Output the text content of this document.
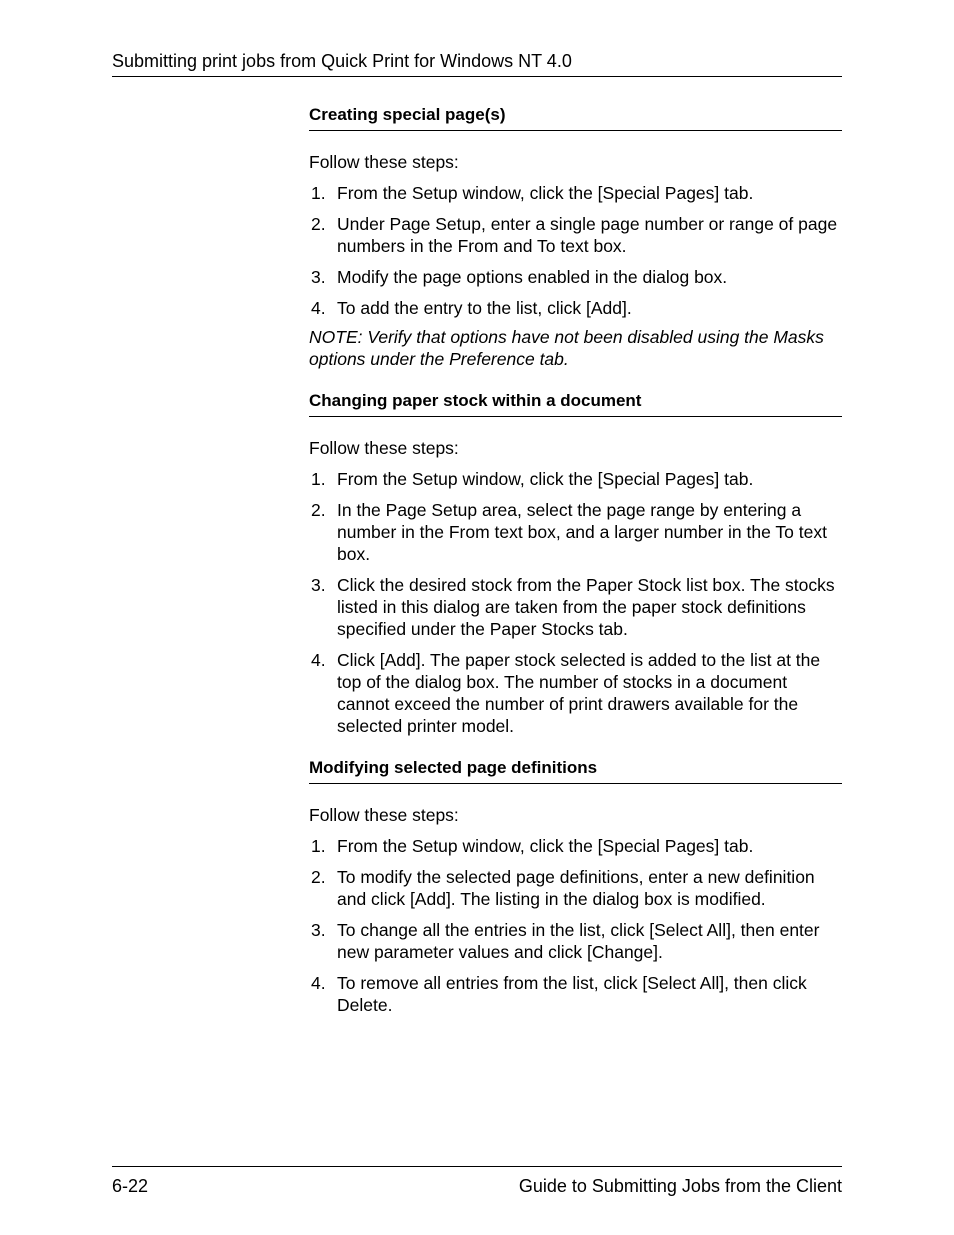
Submitting print jobs from Quick Print for Windows NT 4.0
Creating special page(s)

Follow these steps:

1. From the Setup window, click the [Special Pages] tab.
2. Under Page Setup, enter a single page number or range of page numbers in the From and To text box.
3. Modify the page options enabled in the dialog box.
4. To add the entry to the list, click [Add].

NOTE: Verify that options have not been disabled using the Masks options under the Preference tab.

Changing paper stock within a document

Follow these steps:

1. From the Setup window, click the [Special Pages] tab.
2. In the Page Setup area, select the page range by entering a number in the From text box, and a larger number in the To text box.
3. Click the desired stock from the Paper Stock list box. The stocks listed in this dialog are taken from the paper stock definitions specified under the Paper Stocks tab.
4. Click [Add]. The paper stock selected is added to the list at the top of the dialog box. The number of stocks in a document cannot exceed the number of print drawers available for the selected printer model.
Modifying selected page definitions

Follow these steps:

1. From the Setup window, click the [Special Pages] tab.
2. To modify the selected page definitions, enter a new definition and click [Add]. The listing in the dialog box is modified.
3. To change all the entries in the list, click [Select All], then enter new parameter values and click [Change].
4. To remove all entries from the list, click [Select All], then click Delete.
6-22	Guide to Submitting Jobs from the Client
